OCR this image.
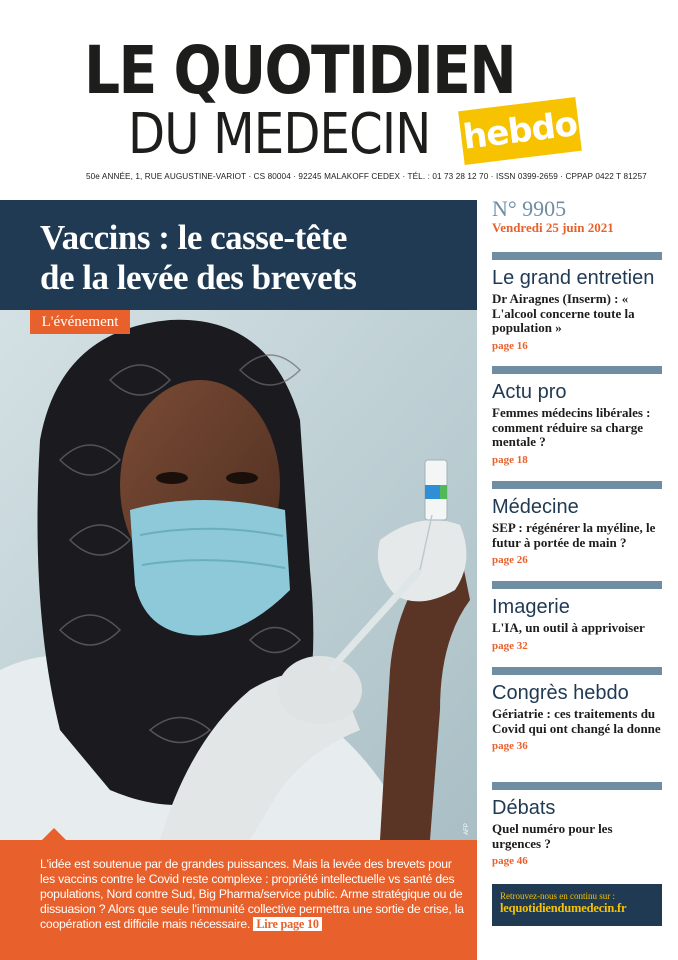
LE QUOTIDIEN
DU MEDECIN hebdo
50e ANNÉE, 1, RUE AUGUSTINE-VARIOT · CS 80004 · 92245 MALAKOFF CEDEX · TÉL. : 01 73 28 12 70 · ISSN 0399-2659 · CPPAP 0422 T 81257
Vaccins : le casse-tête
de la levée des brevets
L'événement
AFP
L'idée est soutenue par de grandes puissances. Mais la levée des brevets pour les vaccins contre le Covid reste complexe : propriété intellectuelle vs santé des populations, Nord contre Sud, Big Pharma/service public. Arme stratégique ou de dissuasion ? Alors que seule l'immunité collective permettra une sortie de crise, la coopération est difficile mais nécessaire. Lire page 10
N° 9905
Vendredi 25 juin 2021
Le grand entretien
Dr Airagnes (Inserm) : « L'alcool concerne toute la population »
page 16
Actu pro
Femmes médecins libérales : comment réduire sa charge mentale ?
page 18
Médecine
SEP : régénérer la myéline, le futur à portée de main ?
page 26
Imagerie
L'IA, un outil à apprivoiser
page 32
Congrès hebdo
Gériatrie : ces traitements du Covid qui ont changé la donne
page 36
Débats
Quel numéro pour les urgences ?
page 46
Retrouvez-nous en continu sur :
lequotidiendumedecin.fr
